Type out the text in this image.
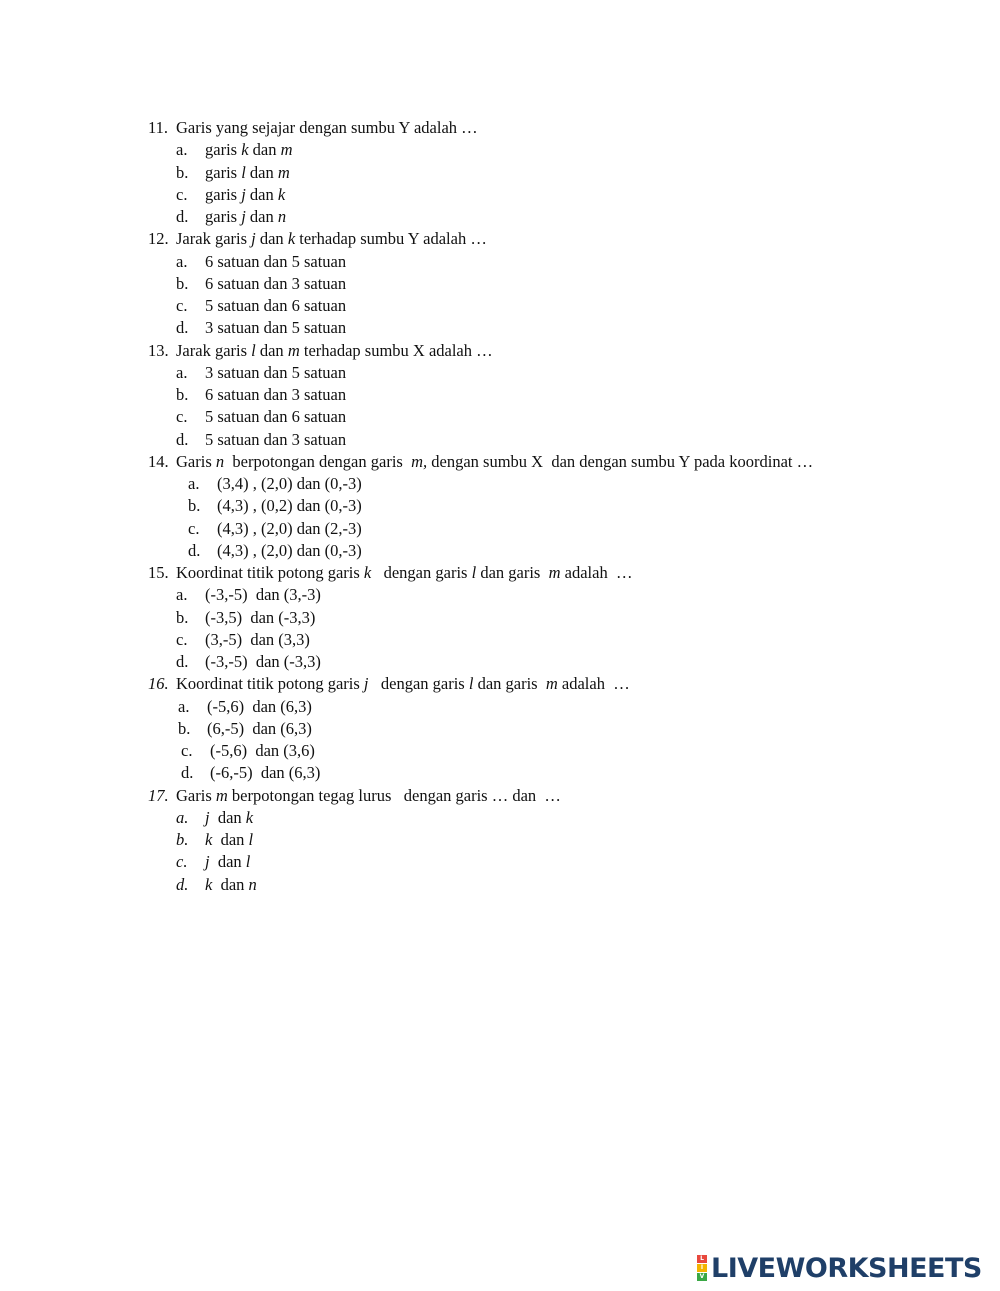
11. Garis yang sejajar dengan sumbu Y adalah …
a. garis k dan m
b. garis l dan m
c. garis j dan k
d. garis j dan n
12. Jarak garis j dan k terhadap sumbu Y adalah …
a. 6 satuan dan 5 satuan
b. 6 satuan dan 3 satuan
c. 5 satuan dan 6 satuan
d. 3 satuan dan 5 satuan
13. Jarak garis l dan m terhadap sumbu X adalah …
a. 3 satuan dan 5 satuan
b. 6 satuan dan 3 satuan
c. 5 satuan dan 6 satuan
d. 5 satuan dan 3 satuan
14. Garis n  berpotongan dengan garis  m, dengan sumbu X  dan dengan sumbu Y pada koordinat …
a. (3,4) , (2,0) dan (0,-3)
b. (4,3) , (0,2) dan (0,-3)
c. (4,3) , (2,0) dan (2,-3)
d. (4,3) , (2,0) dan (0,-3)
15. Koordinat titik potong garis k   dengan garis l dan garis  m adalah  …
a. (-3,-5)  dan (3,-3)
b. (-3,5)  dan (-3,3)
c. (3,-5)  dan (3,3)
d. (-3,-5)  dan (-3,3)
16. Koordinat titik potong garis j   dengan garis l dan garis  m adalah  …
a. (-5,6)  dan (6,3)
b. (6,-5)  dan (6,3)
c. (-5,6)  dan (3,6)
d. (-6,-5)  dan (6,3)
17. Garis m berpotongan tegag lurus   dengan garis … dan  …
a. j  dan k
b. k  dan l
c. j  dan l
d. k  dan n
L
I
V LIVEWORKSHEETS
